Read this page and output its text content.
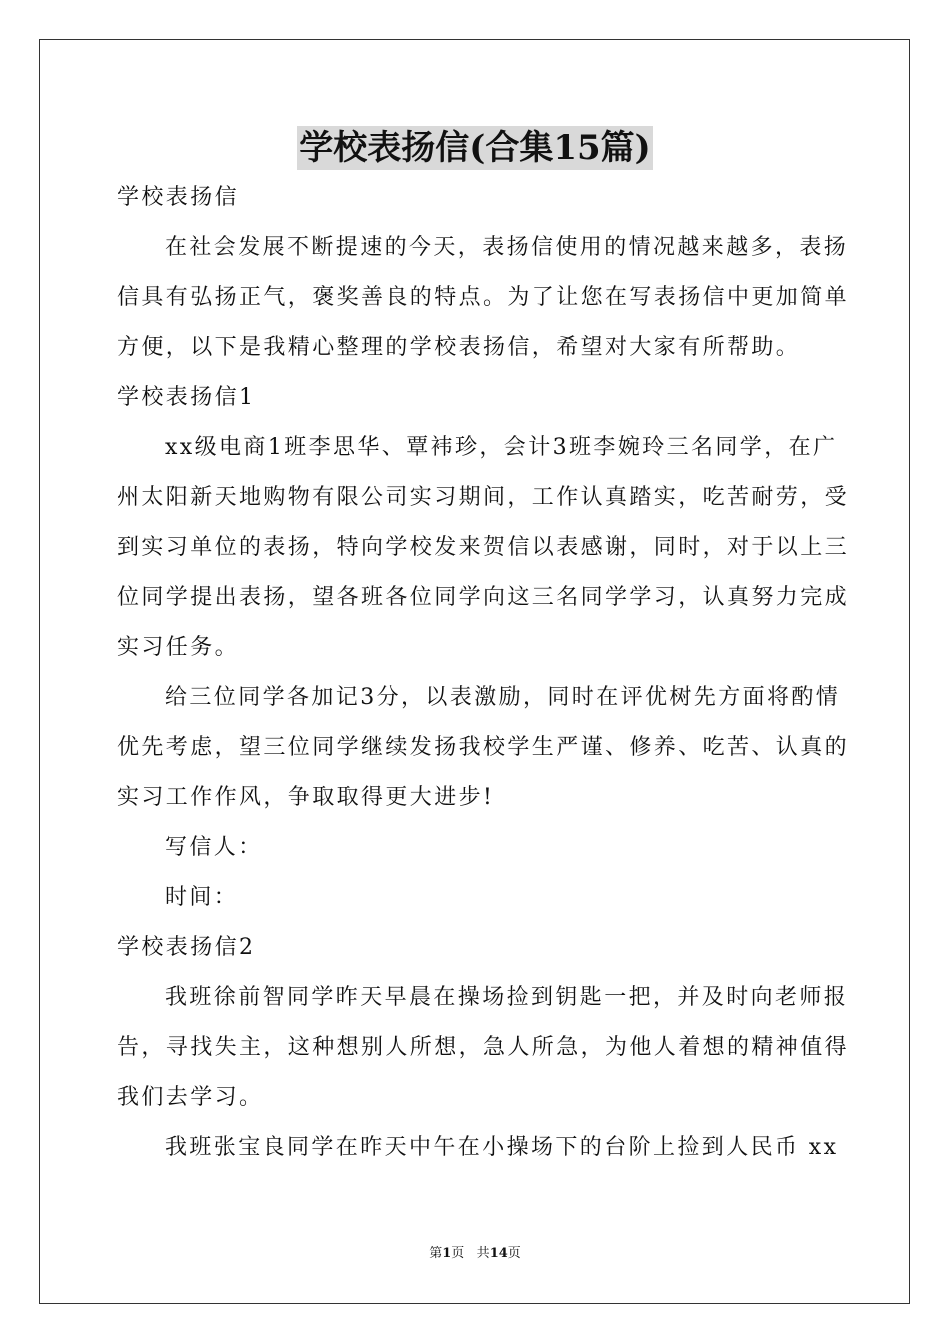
学校表扬信(合集15篇)
学校表扬信
在社会发展不断提速的今天，表扬信使用的情况越来越多，表扬
信具有弘扬正气，褒奖善良的特点。为了让您在写表扬信中更加简单
方便，以下是我精心整理的学校表扬信，希望对大家有所帮助。
学校表扬信1
xx级电商1班李思华、覃袆珍，会计3班李婉玲三名同学，在广
州太阳新天地购物有限公司实习期间，工作认真踏实，吃苦耐劳，受
到实习单位的表扬，特向学校发来贺信以表感谢，同时，对于以上三
位同学提出表扬，望各班各位同学向这三名同学学习，认真努力完成
实习任务。
给三位同学各加记3分，以表激励，同时在评优树先方面将酌情
优先考虑，望三位同学继续发扬我校学生严谨、修养、吃苦、认真的
实习工作作风，争取取得更大进步!
写信人：
时间：
学校表扬信2
我班徐前智同学昨天早晨在操场捡到钥匙一把，并及时向老师报
告，寻找失主，这种想别人所想，急人所急，为他人着想的精神值得
我们去学习。
我班张宝良同学在昨天中午在小操场下的台阶上捡到人民币 xx
第1页 共14页
